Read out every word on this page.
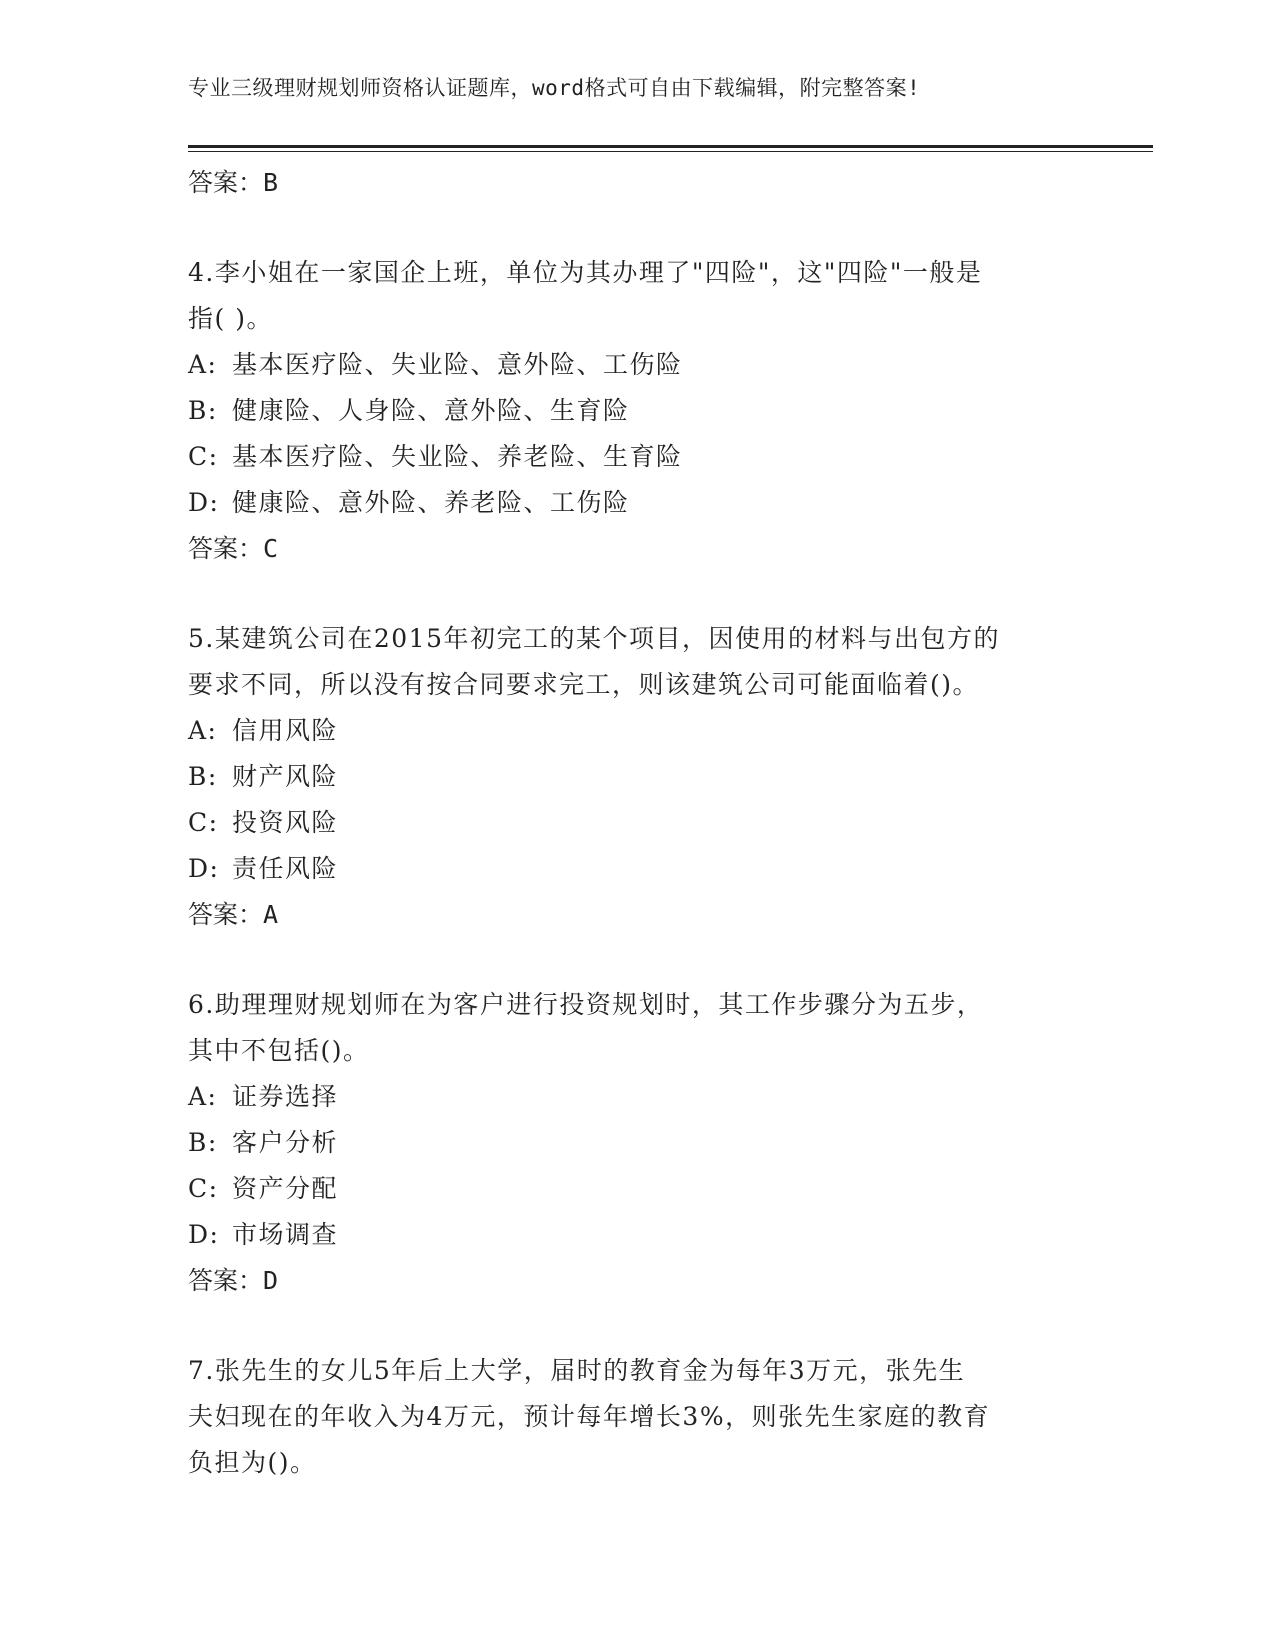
专业三级理财规划师资格认证题库，word格式可自由下载编辑，附完整答案!
答案：B
4.李小姐在一家国企上班，单位为其办理了"四险"，这"四险"一般是
指( )。
A: 基本医疗险、失业险、意外险、工伤险
B: 健康险、人身险、意外险、生育险
C: 基本医疗险、失业险、养老险、生育险
D: 健康险、意外险、养老险、工伤险
答案：C
5.某建筑公司在2015年初完工的某个项目，因使用的材料与出包方的
要求不同，所以没有按合同要求完工，则该建筑公司可能面临着()。
A: 信用风险
B: 财产风险
C: 投资风险
D: 责任风险
答案：A
6.助理理财规划师在为客户进行投资规划时，其工作步骤分为五步，
其中不包括()。
A: 证券选择
B: 客户分析
C: 资产分配
D: 市场调查
答案：D
7.张先生的女儿5年后上大学，届时的教育金为每年3万元，张先生
夫妇现在的年收入为4万元，预计每年增长3%，则张先生家庭的教育
负担为()。
